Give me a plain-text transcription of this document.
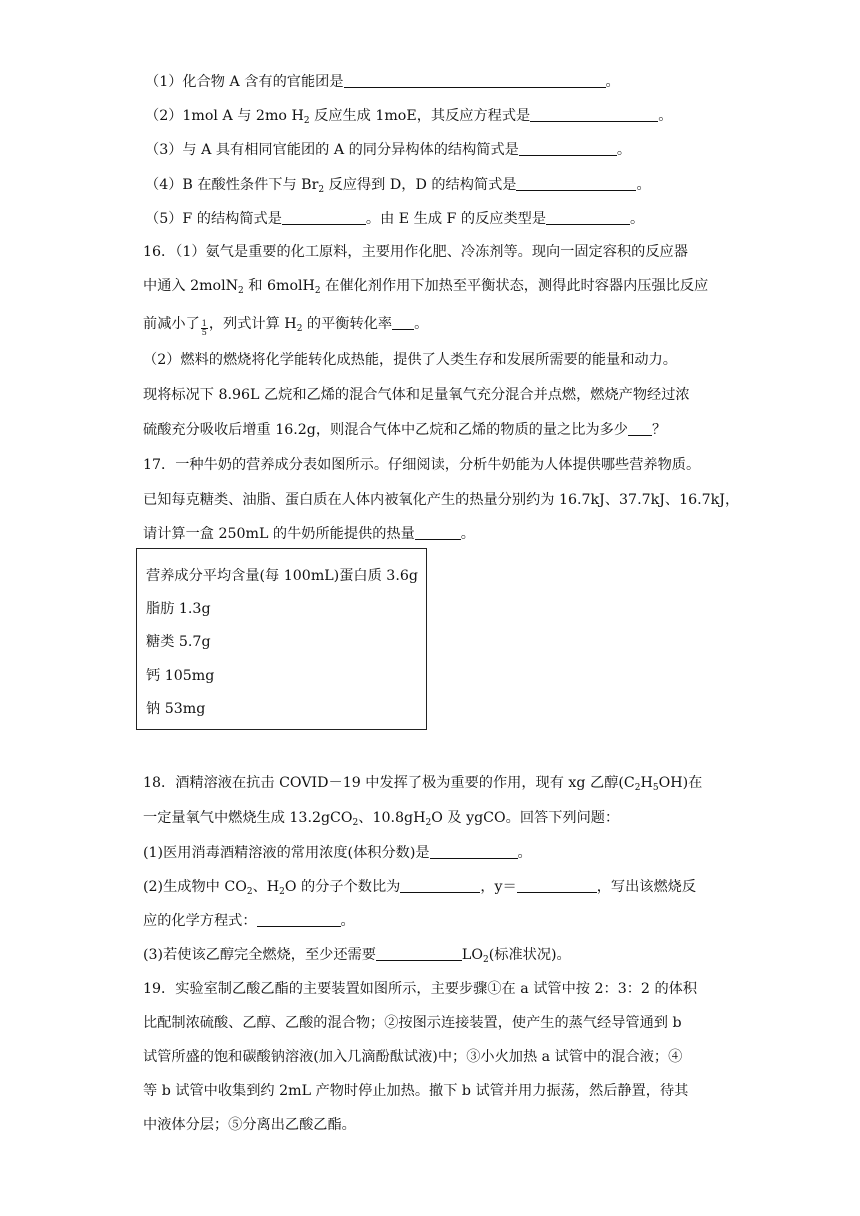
（1）化合物 A 含有的官能团是	。
（2）1mol A 与 2mo $H_2$ 反应生成 1moE，其反应方程式是	。
（3）与 A 具有相同官能团的 A 的同分异构体的结构简式是	。
（4）B 在酸性条件下与 $Br_2$ 反应得到 D，D 的结构简式是	。
（5）F 的结构简式是	。由 E 生成 F 的反应类型是	。
16．（1）氨气是重要的化工原料，主要用作化肥、冷冻剂等。现向一固定容积的反应器
中通入 2molN$_2$ 和 6molH$_2$ 在催化剂作用下加热至平衡状态，测得此时容器内压强比反应
前减小了 $\frac{1}{5}$ ，列式计算 $H_2$ 的平衡转化率 。
（2）燃料的燃烧将化学能转化成热能，提供了人类生存和发展所需要的能量和动力。
现将标况下 8.96L 乙烷和乙烯的混合气体和足量氧气充分混合并点燃，燃烧产物经过浓
硫酸充分吸收后增重 16.2g，则混合气体中乙烷和乙烯的物质的量之比为多少 ？
17．一种牛奶的营养成分表如图所示。仔细阅读，分析牛奶能为人体提供哪些营养物质。
已知每克糖类、油脂、蛋白质在人体内被氧化产生的热量分别约为 16.7kJ、37.7kJ、16.7kJ，
请计算一盒 250mL 的牛奶所能提供的热量	。
营养成分平均含量(每 100mL)蛋白质 3.6g
脂肪 1.3g
糖类 5.7g
钙 105mg
钠 53mg
18．酒精溶液在抗击 COVID－19 中发挥了极为重要的作用，现有 xg 乙醇$(C_2H_5OH)$在
一定量氧气中燃烧生成 13.2gCO$_2$、$10.8gH_2O$ 及 ygCO。回答下列问题：
(1)医用消毒酒精溶液的常用浓度(体积分数)是	。
(2)生成物中 $CO_2$、$H_2O$ 的分子个数比为	，y＝	，写出该燃烧反
应的化学方程式：	。
(3)若使该乙醇完全燃烧，至少还需要	$LO_2$(标准状况)。
19．实验室制乙酸乙酯的主要装置如图所示，主要步骤①在 a 试管中按 2：3：2 的体积
比配制浓硫酸、乙醇、乙酸的混合物；②按图示连接装置，使产生的蒸气经导管通到 b
试管所盛的饱和碳酸钠溶液(加入几滴酚酞试液)中；③小火加热 a 试管中的混合液；④
等 b 试管中收集到约 2mL 产物时停止加热。撤下 b 试管并用力振荡，然后静置，待其
中液体分层；⑤分离出乙酸乙酯。
